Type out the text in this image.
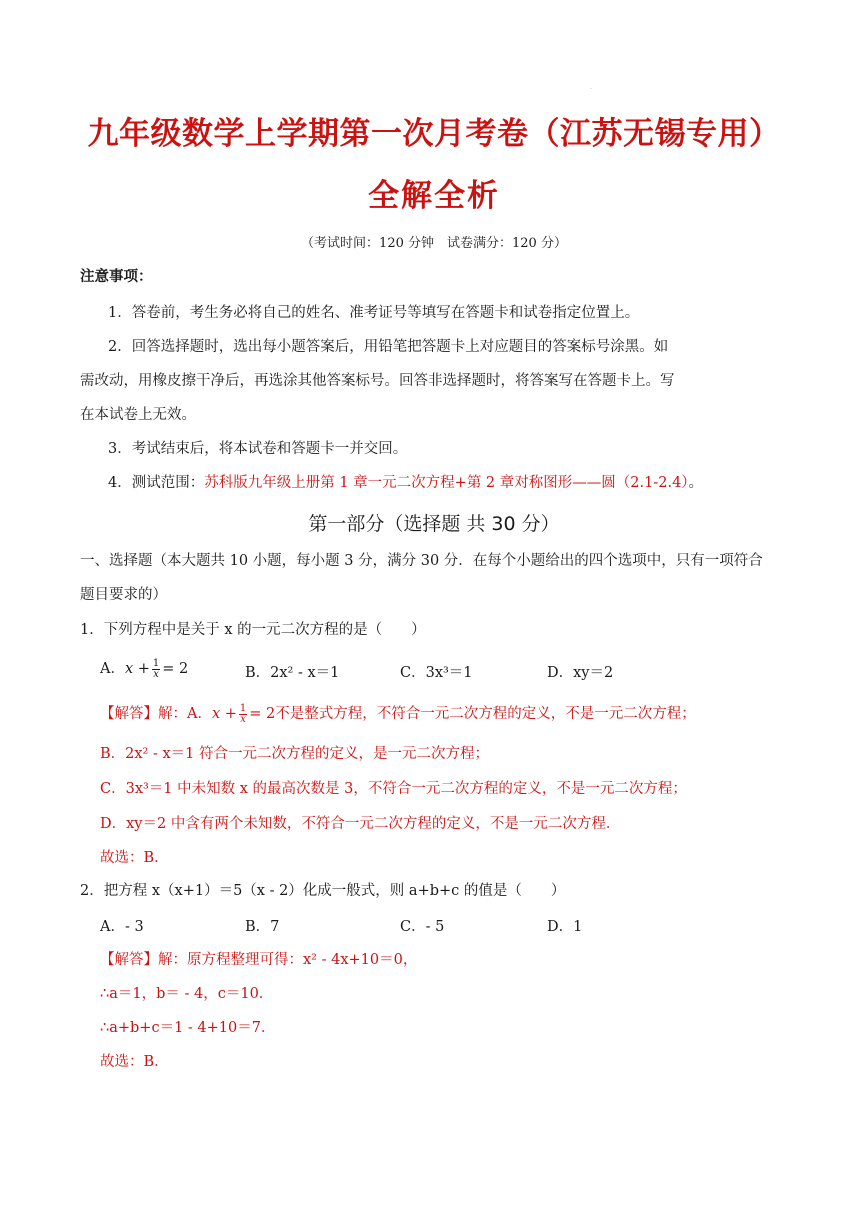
·
九年级数学上学期第一次月考卷（江苏无锡专用）
全解全析
（考试时间：120 分钟　试卷满分：120 分）
注意事项：
1．答卷前，考生务必将自己的姓名、准考证号等填写在答题卡和试卷指定位置上。
2．回答选择题时，选出每小题答案后，用铅笔把答题卡上对应题目的答案标号涂黑。如
需改动，用橡皮擦干净后，再选涂其他答案标号。回答非选择题时，将答案写在答题卡上。写
在本试卷上无效。
3．考试结束后，将本试卷和答题卡一并交回。
4．测试范围：苏科版九年级上册第 1 章一元二次方程+第 2 章对称图形——圆（2.1-2.4）。
第一部分（选择题 共 30 分）
一、选择题（本大题共 10 小题，每小题 3 分，满分 30 分．在每个小题给出的四个选项中，只有一项符合
题目要求的）
1．下列方程中是关于 x 的一元二次方程的是（　　）
A．$x + \frac{1}{x} = 2$	B．2x² - x＝1	C．3x³＝1	D．xy＝2
【解答】解：A．$x + \frac{1}{x} = 2$不是整式方程，不符合一元二次方程的定义，不是一元二次方程；
B．2x² - x＝1 符合一元二次方程的定义，是一元二次方程；
C．3x³＝1 中未知数 x 的最高次数是 3，不符合一元二次方程的定义，不是一元二次方程；
D．xy＝2 中含有两个未知数，不符合一元二次方程的定义，不是一元二次方程．
故选：B．
2．把方程 x（x+1）＝5（x - 2）化成一般式，则 a+b+c 的值是（　　）
A．- 3	B．7	C．- 5	D．1
【解答】解：原方程整理可得：x² - 4x+10＝0，
∴a＝1，b＝ - 4，c＝10．
∴a+b+c＝1 - 4+10＝7．
故选：B．
